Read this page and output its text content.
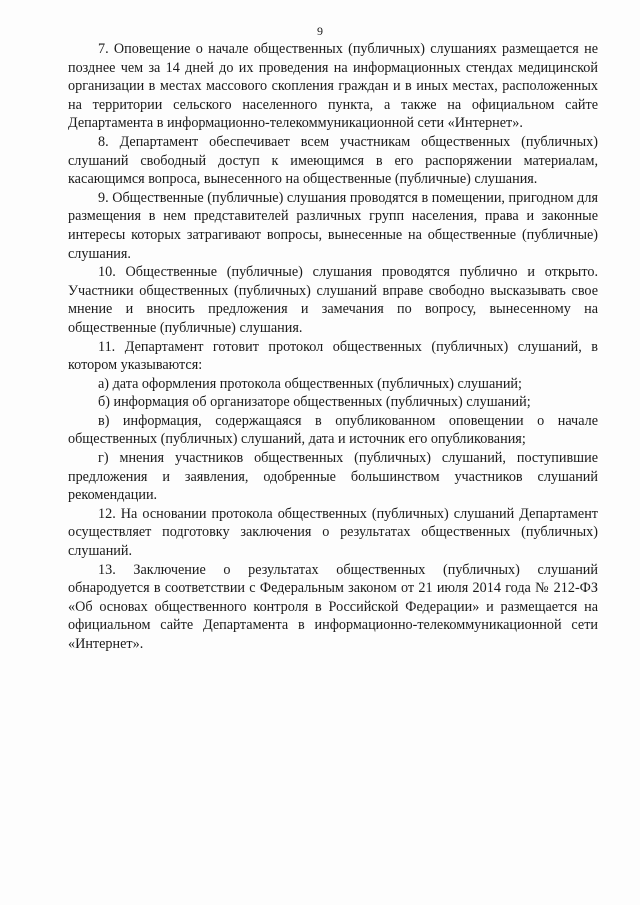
9

7. Оповещение о начале общественных (публичных) слушаниях размещается не позднее чем за 14 дней до их проведения на информационных стендах медицинской организации в местах массового скопления граждан и в иных местах, расположенных на территории сельского населенного пункта, а также на официальном сайте Департамента в информационно-телекоммуникационной сети «Интернет».

8. Департамент обеспечивает всем участникам общественных (публичных) слушаний свободный доступ к имеющимся в его распоряжении материалам, касающимся вопроса, вынесенного на общественные (публичные) слушания.

9. Общественные (публичные) слушания проводятся в помещении, пригодном для размещения в нем представителей различных групп населения, права и законные интересы которых затрагивают вопросы, вынесенные на общественные (публичные) слушания.

10. Общественные (публичные) слушания проводятся публично и открыто. Участники общественных (публичных) слушаний вправе свободно высказывать свое мнение и вносить предложения и замечания по вопросу, вынесенному на общественные (публичные) слушания.

11. Департамент готовит протокол общественных (публичных) слушаний, в котором указываются:

а) дата оформления протокола общественных (публичных) слушаний;

б) информация об организаторе общественных (публичных) слушаний;

в) информация, содержащаяся в опубликованном оповещении о начале общественных (публичных) слушаний, дата и источник его опубликования;

г) мнения участников общественных (публичных) слушаний, поступившие предложения и заявления, одобренные большинством участников слушаний рекомендации.

12. На основании протокола общественных (публичных) слушаний Департамент осуществляет подготовку заключения о результатах общественных (публичных) слушаний.

13. Заключение о результатах общественных (публичных) слушаний обнародуется в соответствии с Федеральным законом от 21 июля 2014 года № 212-ФЗ «Об основах общественного контроля в Российской Федерации» и размещается на официальном сайте Департамента в информационно-телекоммуникационной сети «Интернет».
